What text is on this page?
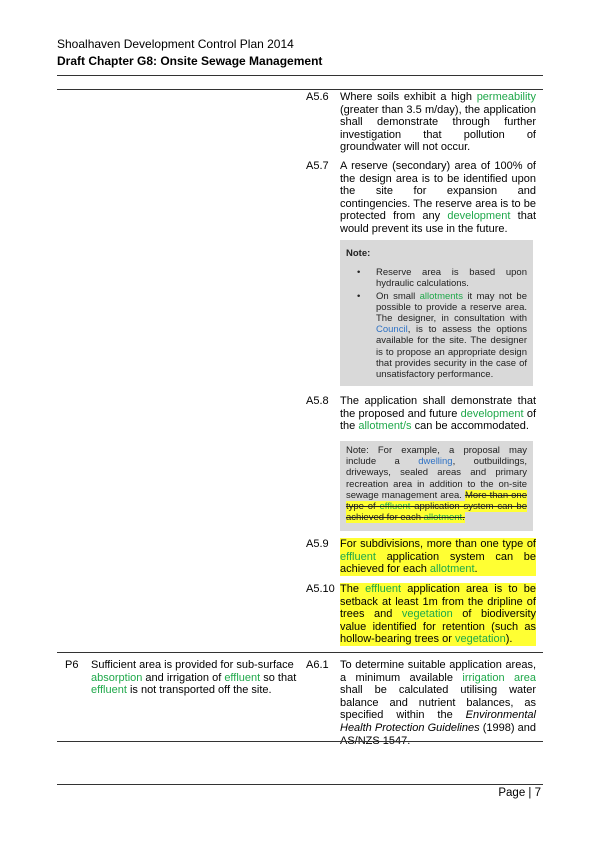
Shoalhaven Development Control Plan 2014
Draft Chapter G8: Onsite Sewage Management
A5.6 Where soils exhibit a high permeability (greater than 3.5 m/day), the application shall demonstrate through further investigation that pollution of groundwater will not occur.
A5.7 A reserve (secondary) area of 100% of the design area is to be identified upon the site for expansion and contingencies. The reserve area is to be protected from any development that would prevent its use in the future.
Note:
• Reserve area is based upon hydraulic calculations.
• On small allotments it may not be possible to provide a reserve area. The designer, in consultation with Council, is to assess the options available for the site. The designer is to propose an appropriate design that provides security in the case of unsatisfactory performance.
A5.8 The application shall demonstrate that the proposed and future development of the allotment/s can be accommodated.
Note: For example, a proposal may include a dwelling, outbuildings, driveways, sealed areas and primary recreation area in addition to the on-site sewage management area. More than one type of effluent application system can be achieved for each allotment.
A5.9 For subdivisions, more than one type of effluent application system can be achieved for each allotment.
A5.10 The effluent application area is to be setback at least 1m from the dripline of trees and vegetation of biodiversity value identified for retention (such as hollow-bearing trees or vegetation).
P6 Sufficient area is provided for sub-surface absorption and irrigation of effluent so that effluent is not transported off the site.
A6.1 To determine suitable application areas, a minimum available irrigation area shall be calculated utilising water balance and nutrient balances, as specified within the Environmental Health Protection Guidelines (1998) and AS/NZS 1547.
Page | 7
